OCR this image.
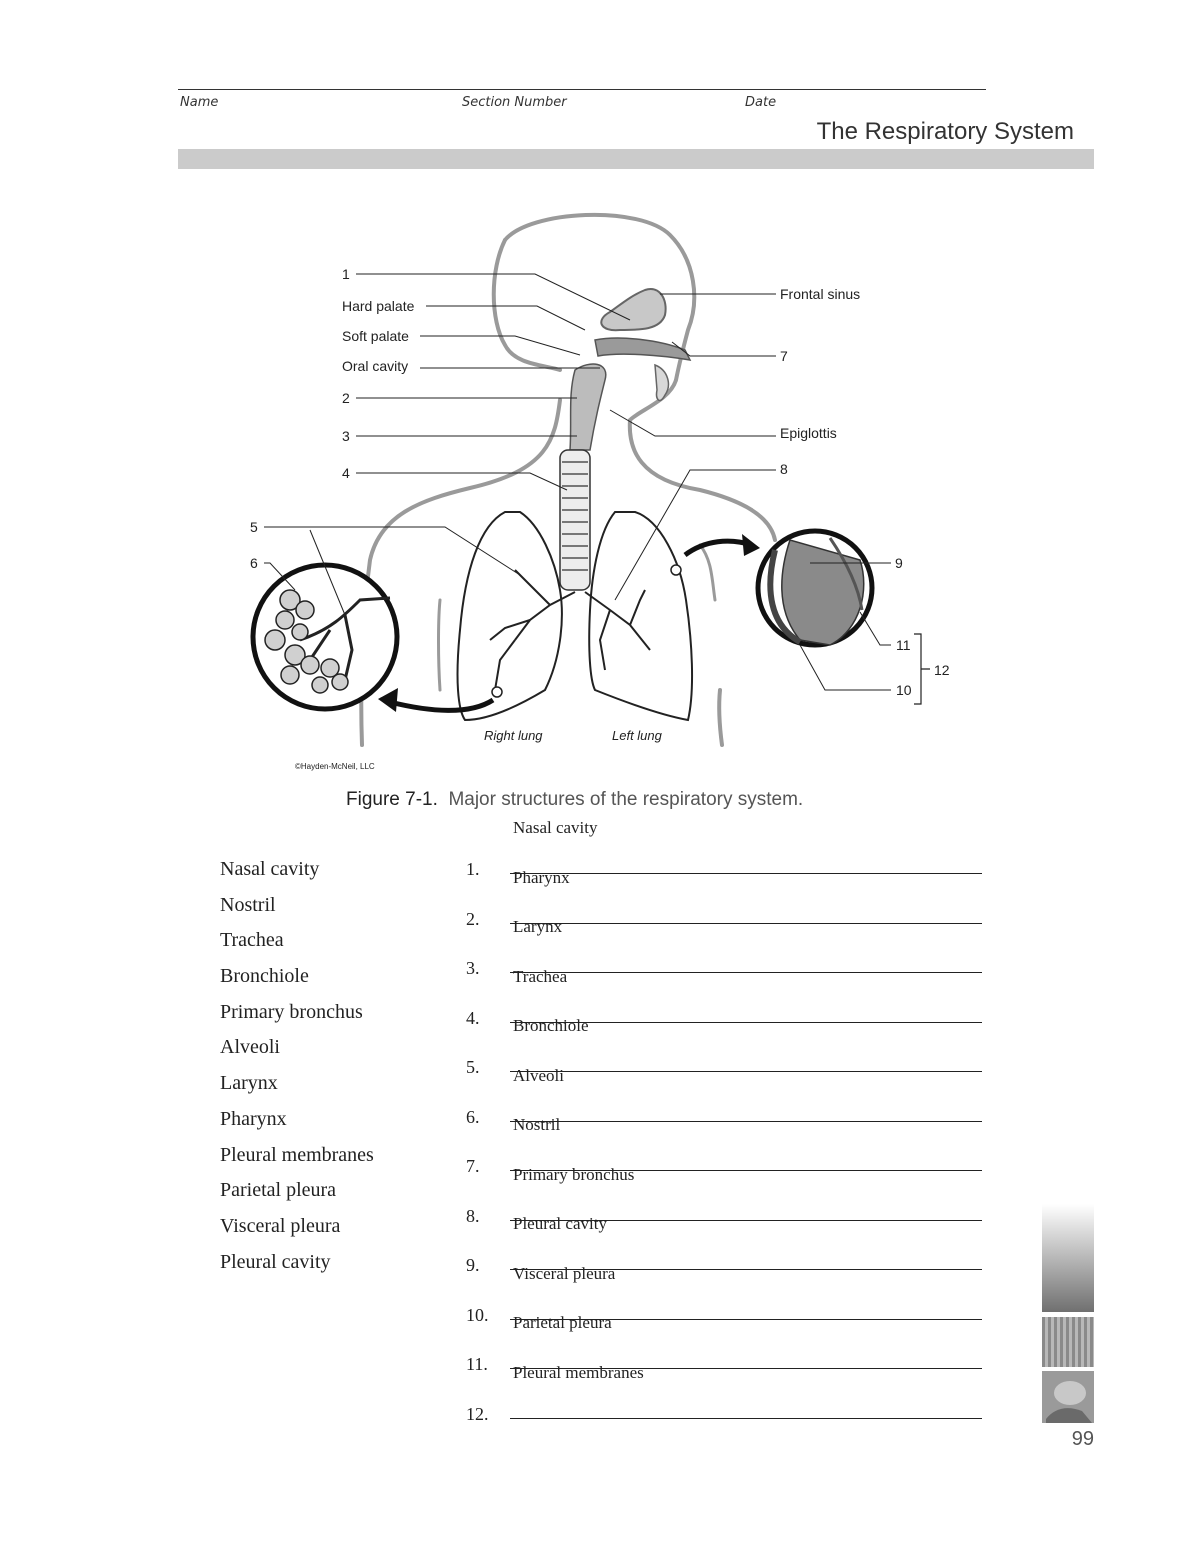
Name	Section Number	Date
The Respiratory System
1
Hard palate
Soft palate
Oral cavity
2
3
4
5
6
Frontal sinus
7
Epiglottis
8
9
11
12
10
Right lung	Left lung
©Hayden-McNeil, LLC
Figure 7-1. Major structures of the respiratory system.
Nasal cavity
Nostril
Trachea
Bronchiole
Primary bronchus
Alveoli
Larynx
Pharynx
Pleural membranes
Parietal pleura
Visceral pleura
Pleural cavity
Nasal cavity
1. Pharynx
2. Larynx
3. Trachea
4. Bronchiole
5. Alveoli
6. Nostril
7. Primary bronchus
8. Pleural cavity
9. Visceral pleura
10. Parietal pleura
11. Pleural membranes
12.
99
